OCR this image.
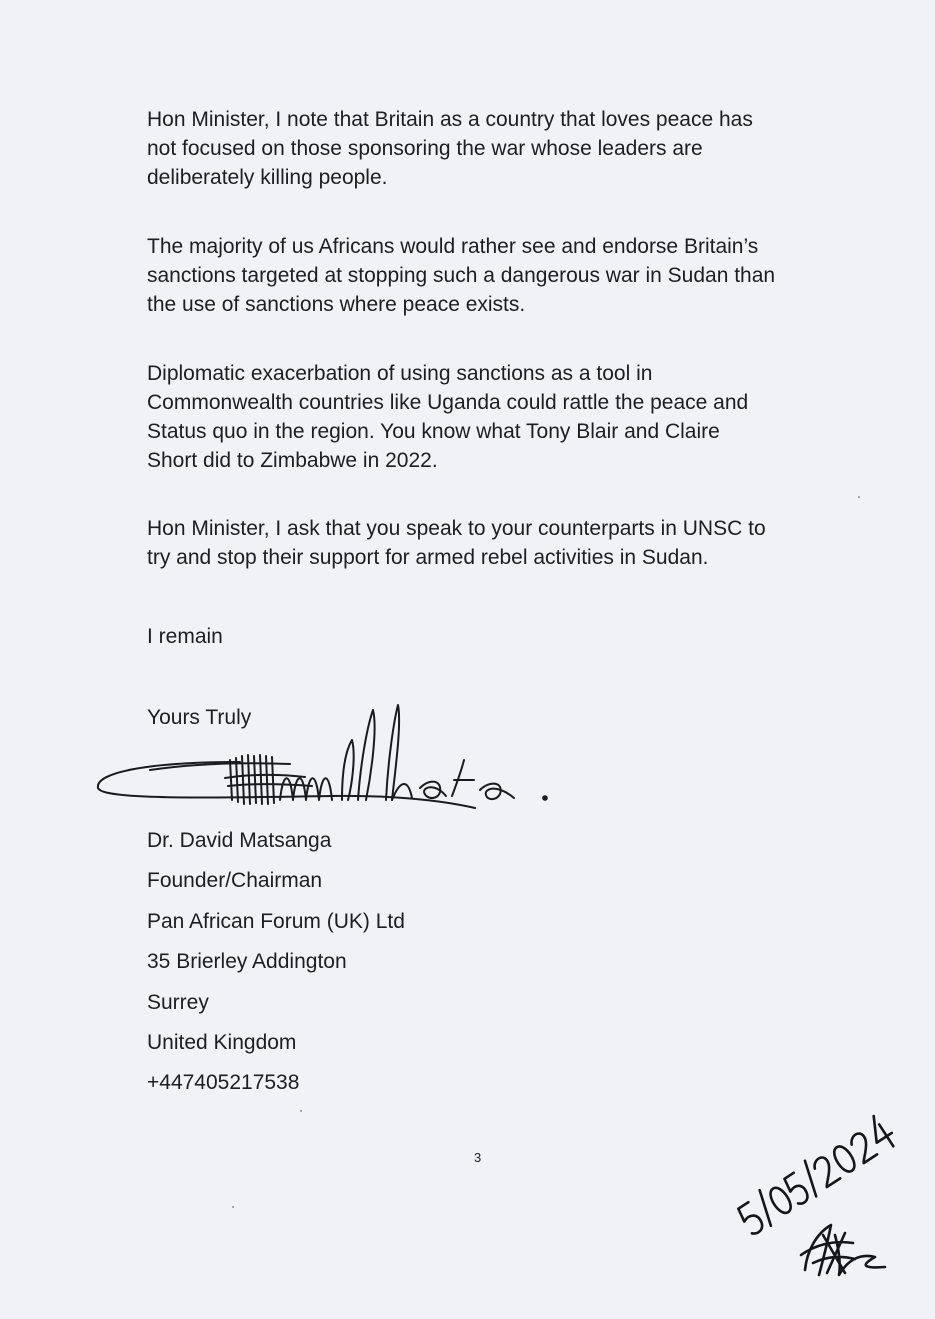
Hon Minister, I note that Britain as a country that loves peace has
not focused on those sponsoring the war whose leaders are
deliberately killing people.

The majority of us Africans would rather see and endorse Britain’s
sanctions targeted at stopping such a dangerous war in Sudan than
the use of sanctions where peace exists.

Diplomatic exacerbation of using sanctions as a tool in
Commonwealth countries like Uganda could rattle the peace and
Status quo in the region. You know what Tony Blair and Claire
Short did to Zimbabwe in 2022.

Hon Minister, I ask that you speak to your counterparts in UNSC to
try and stop their support for armed rebel activities in Sudan.

I remain

Yours Truly

Dr. David Matsanga

Founder/Chairman

Pan African Forum (UK) Ltd

35 Brierley Addington

Surrey

United Kingdom

+447405217538

3
